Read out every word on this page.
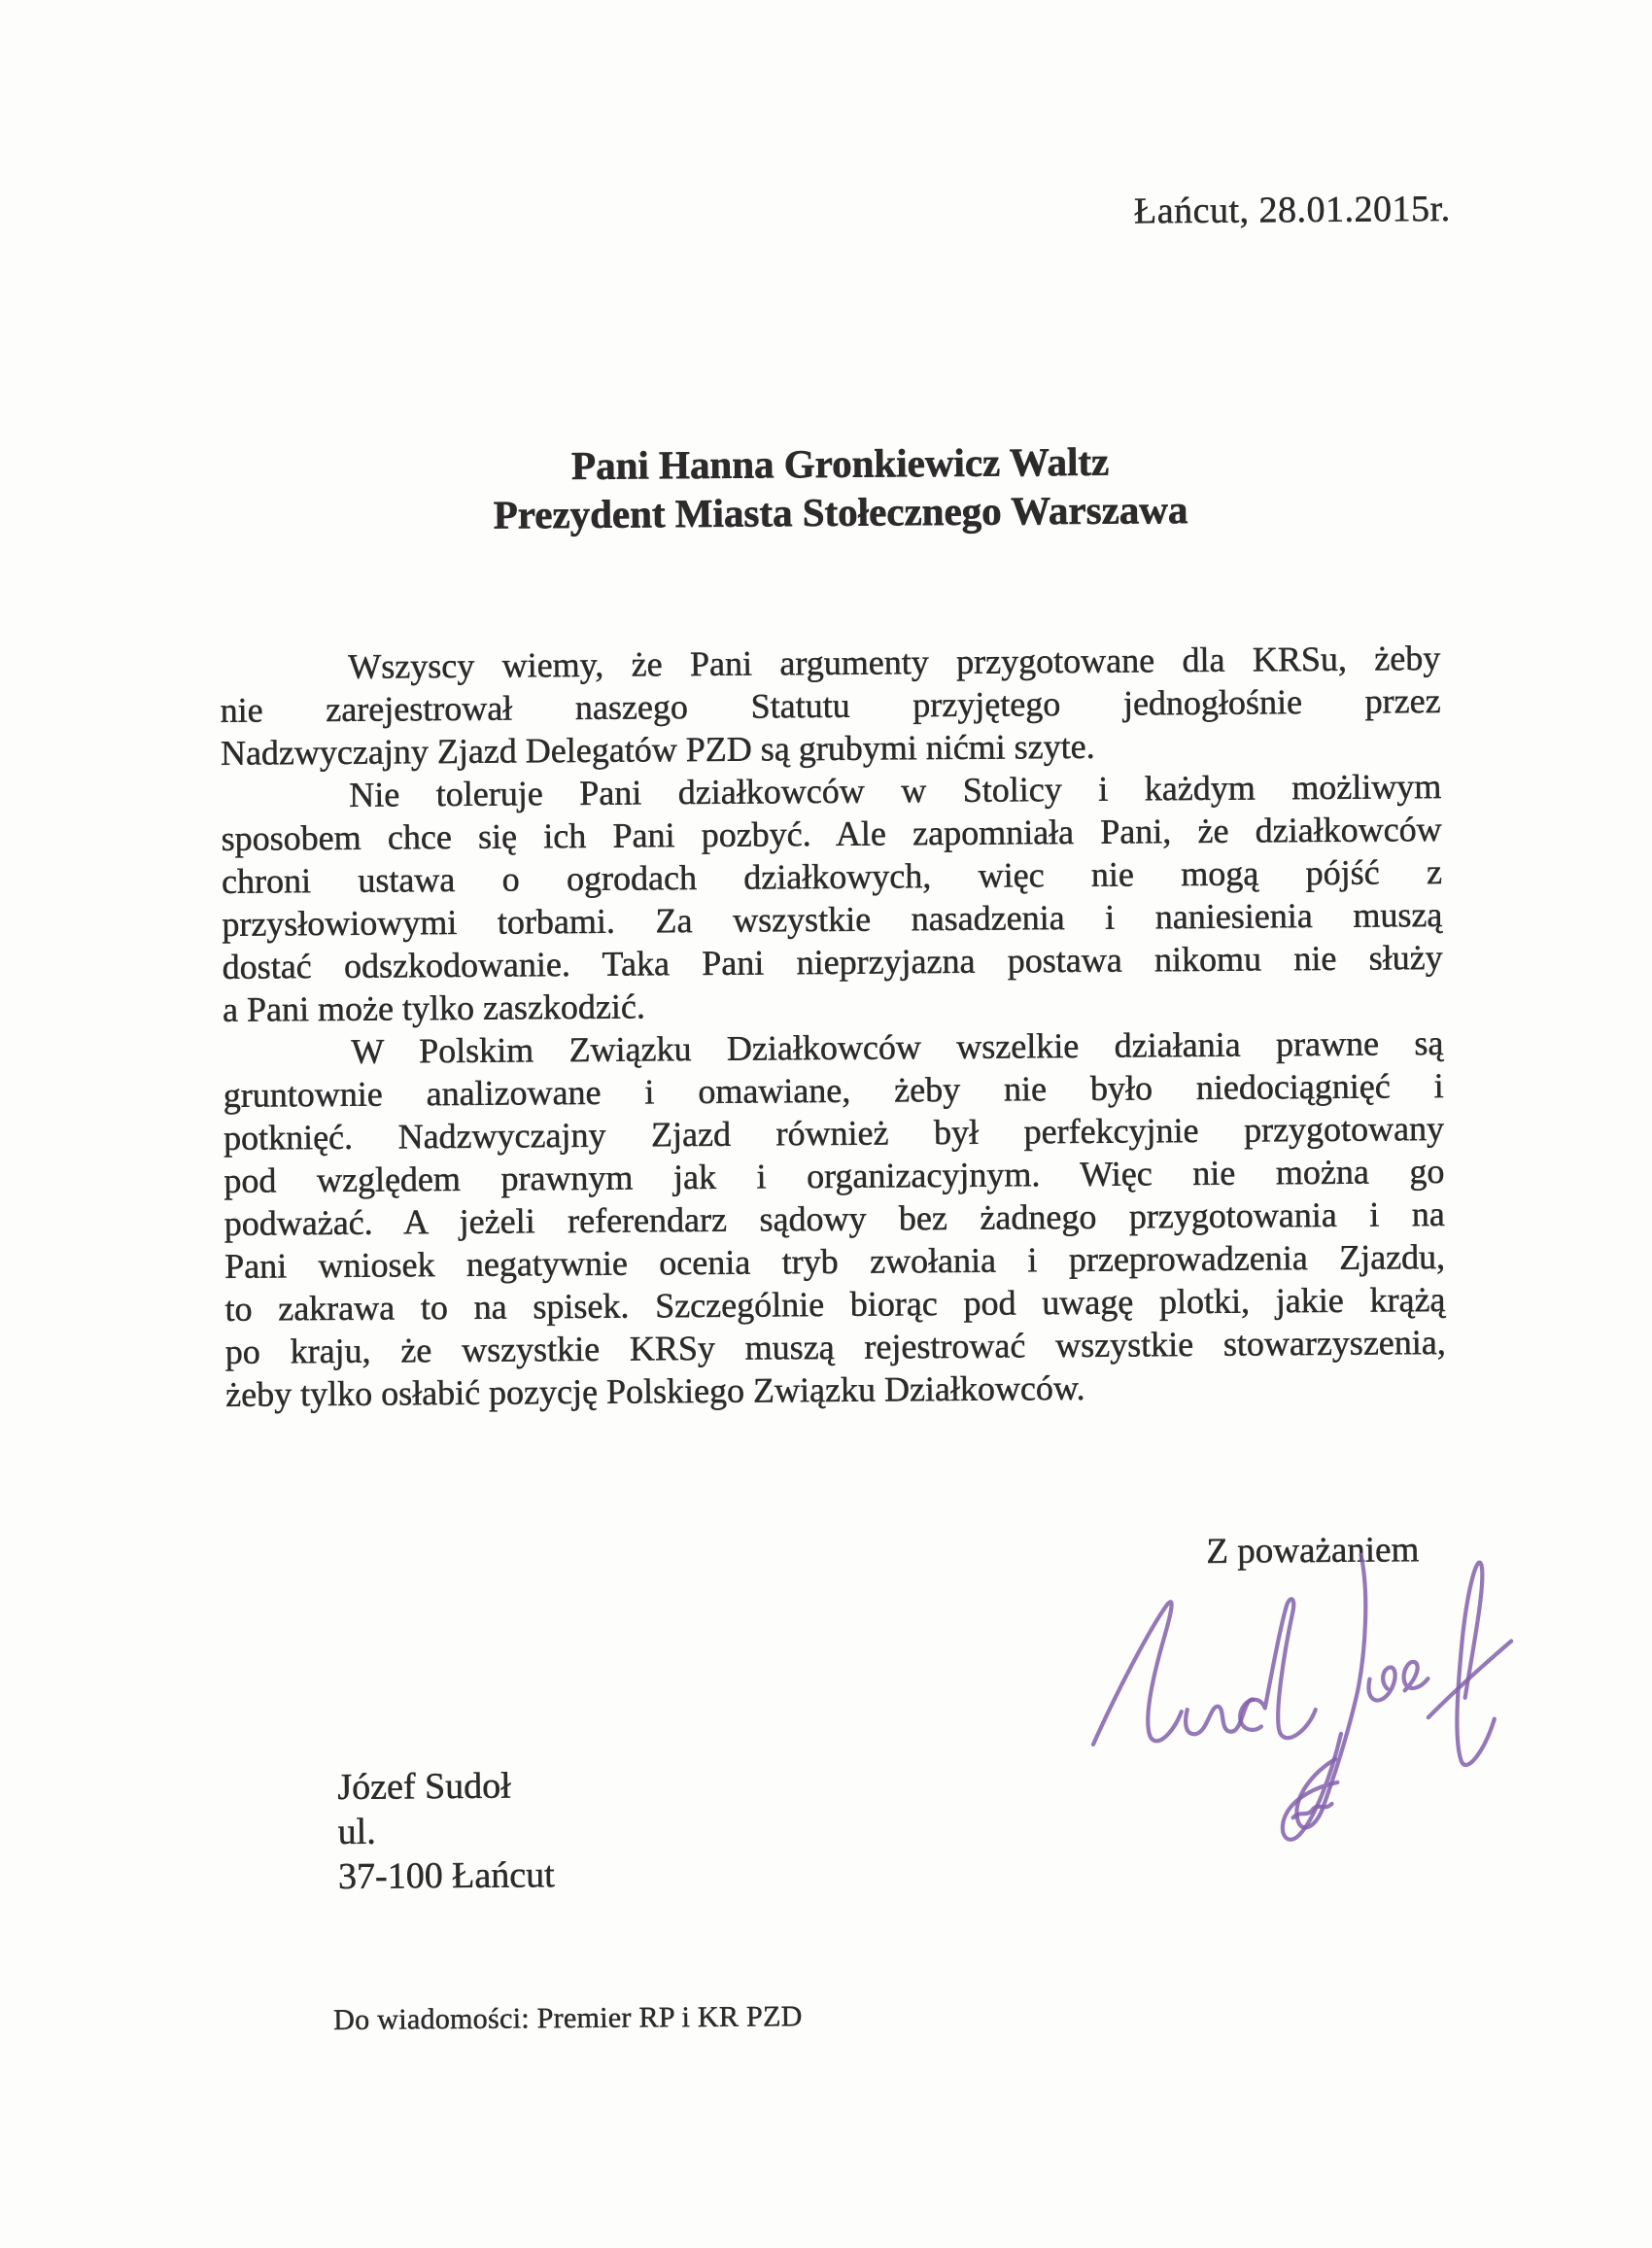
Łańcut, 28.01.2015r.
Pani Hanna Gronkiewicz Waltz
Prezydent Miasta Stołecznego Warszawa
Wszyscy wiemy, że Pani argumenty przygotowane dla KRSu, żeby
nie zarejestrował naszego Statutu przyjętego jednogłośnie przez
Nadzwyczajny Zjazd Delegatów PZD są grubymi nićmi szyte.
Nie toleruje Pani działkowców w Stolicy i każdym możliwym
sposobem chce się ich Pani pozbyć. Ale zapomniała Pani, że działkowców
chroni ustawa o ogrodach działkowych, więc nie mogą pójść z
przysłowiowymi torbami. Za wszystkie nasadzenia i naniesienia muszą
dostać odszkodowanie. Taka Pani nieprzyjazna postawa nikomu nie służy
a Pani może tylko zaszkodzić.
W Polskim Związku Działkowców wszelkie działania prawne są
gruntownie analizowane i omawiane, żeby nie było niedociągnięć i
potknięć. Nadzwyczajny Zjazd również był perfekcyjnie przygotowany
pod względem prawnym jak i organizacyjnym. Więc nie można go
podważać. A jeżeli referendarz sądowy bez żadnego przygotowania i na
Pani wniosek negatywnie ocenia tryb zwołania i przeprowadzenia Zjazdu,
to zakrawa to na spisek. Szczególnie biorąc pod uwagę plotki, jakie krążą
po kraju, że wszystkie KRSy muszą rejestrować wszystkie stowarzyszenia,
żeby tylko osłabić pozycję Polskiego Związku Działkowców.
Z poważaniem
Józef Sudoł
ul.
37-100 Łańcut
Do wiadomości: Premier RP i KR PZD
